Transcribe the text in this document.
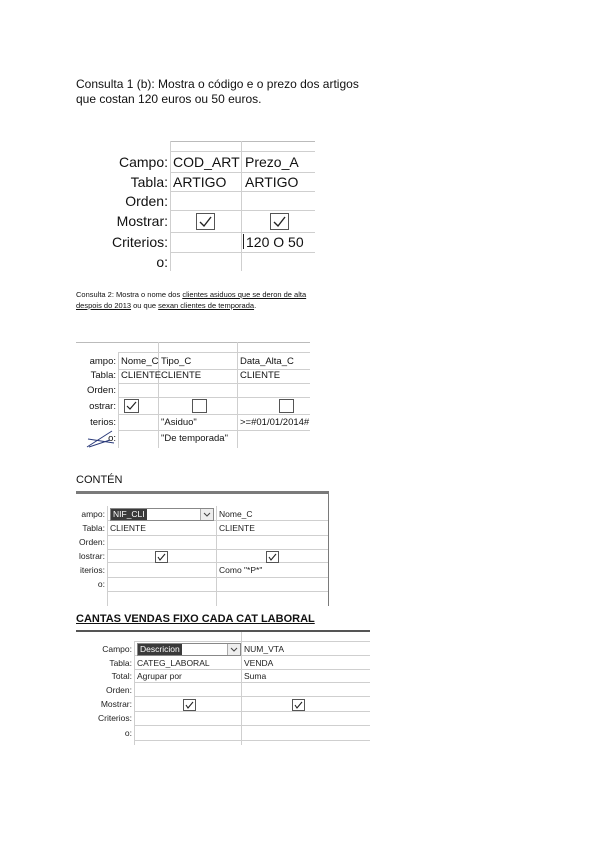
Consulta 1 (b): Mostra o código e o prezo dos artigos que costan 120 euros ou 50 euros.
Campo:
Tabla:
Orden:
Mostrar:
Criterios:
o:
COD_ART
ARTIGO
Prezo_A
ARTIGO
120 O 50
Consulta 2: Mostra o nome dos clientes asiduos que se deron de alta despois do 2013 ou que sexan clientes de temporada.
ampo:
Tabla:
Orden:
ostrar:
terios:
o:
Nome_C
CLIENTE
Tipo_C
CLIENTE
"Asiduo"
"De temporada"
Data_Alta_C
CLIENTE
>=#01/01/2014#
CONTÉN
ampo:
Tabla:
Orden:
lostrar:
iterios:
o:
NIF_CLI
CLIENTE
Nome_C
CLIENTE
Como "*P*"
CANTAS VENDAS FIXO CADA CAT LABORAL
Campo:
Tabla:
Total:
Orden:
Mostrar:
Criterios:
o:
Descricion
CATEG_LABORAL
Agrupar por
NUM_VTA
VENDA
Suma
